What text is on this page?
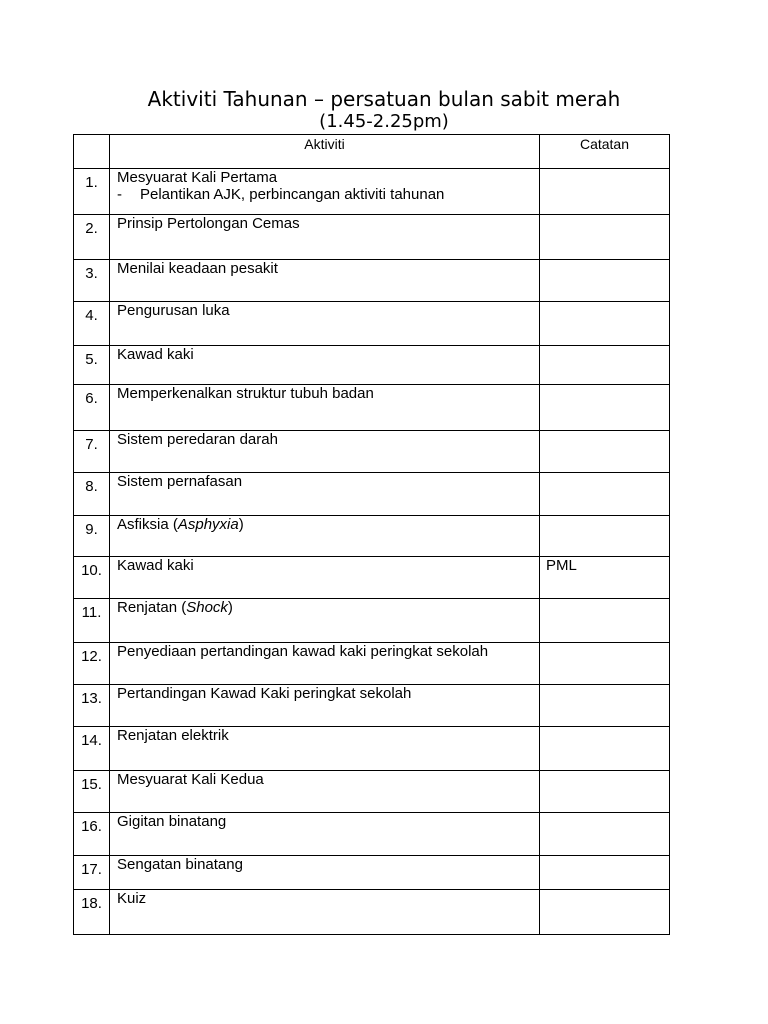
Aktiviti Tahunan – persatuan bulan sabit merah
(1.45-2.25pm)
	Aktiviti	Catatan
1.	Mesyuarat Kali Pertama
- Pelantikan AJK, perbincangan aktiviti tahunan	

2.	Prinsip Pertolongan Cemas	
3.	Menilai keadaan pesakit	
4.	Pengurusan luka	
5.	Kawad kaki	
6.	Memperkenalkan struktur tubuh badan	
7.	Sistem peredaran darah	
8.	Sistem pernafasan	
9.	Asfiksia (Asphyxia)	
10.	Kawad kaki	PML
11.	Renjatan (Shock)	
12.	Penyediaan pertandingan kawad kaki peringkat sekolah	
13.	Pertandingan Kawad Kaki peringkat sekolah	
14.	Renjatan elektrik	
15.	Mesyuarat Kali Kedua	
16.	Gigitan binatang	
17.	Sengatan binatang	
18.	Kuiz	
